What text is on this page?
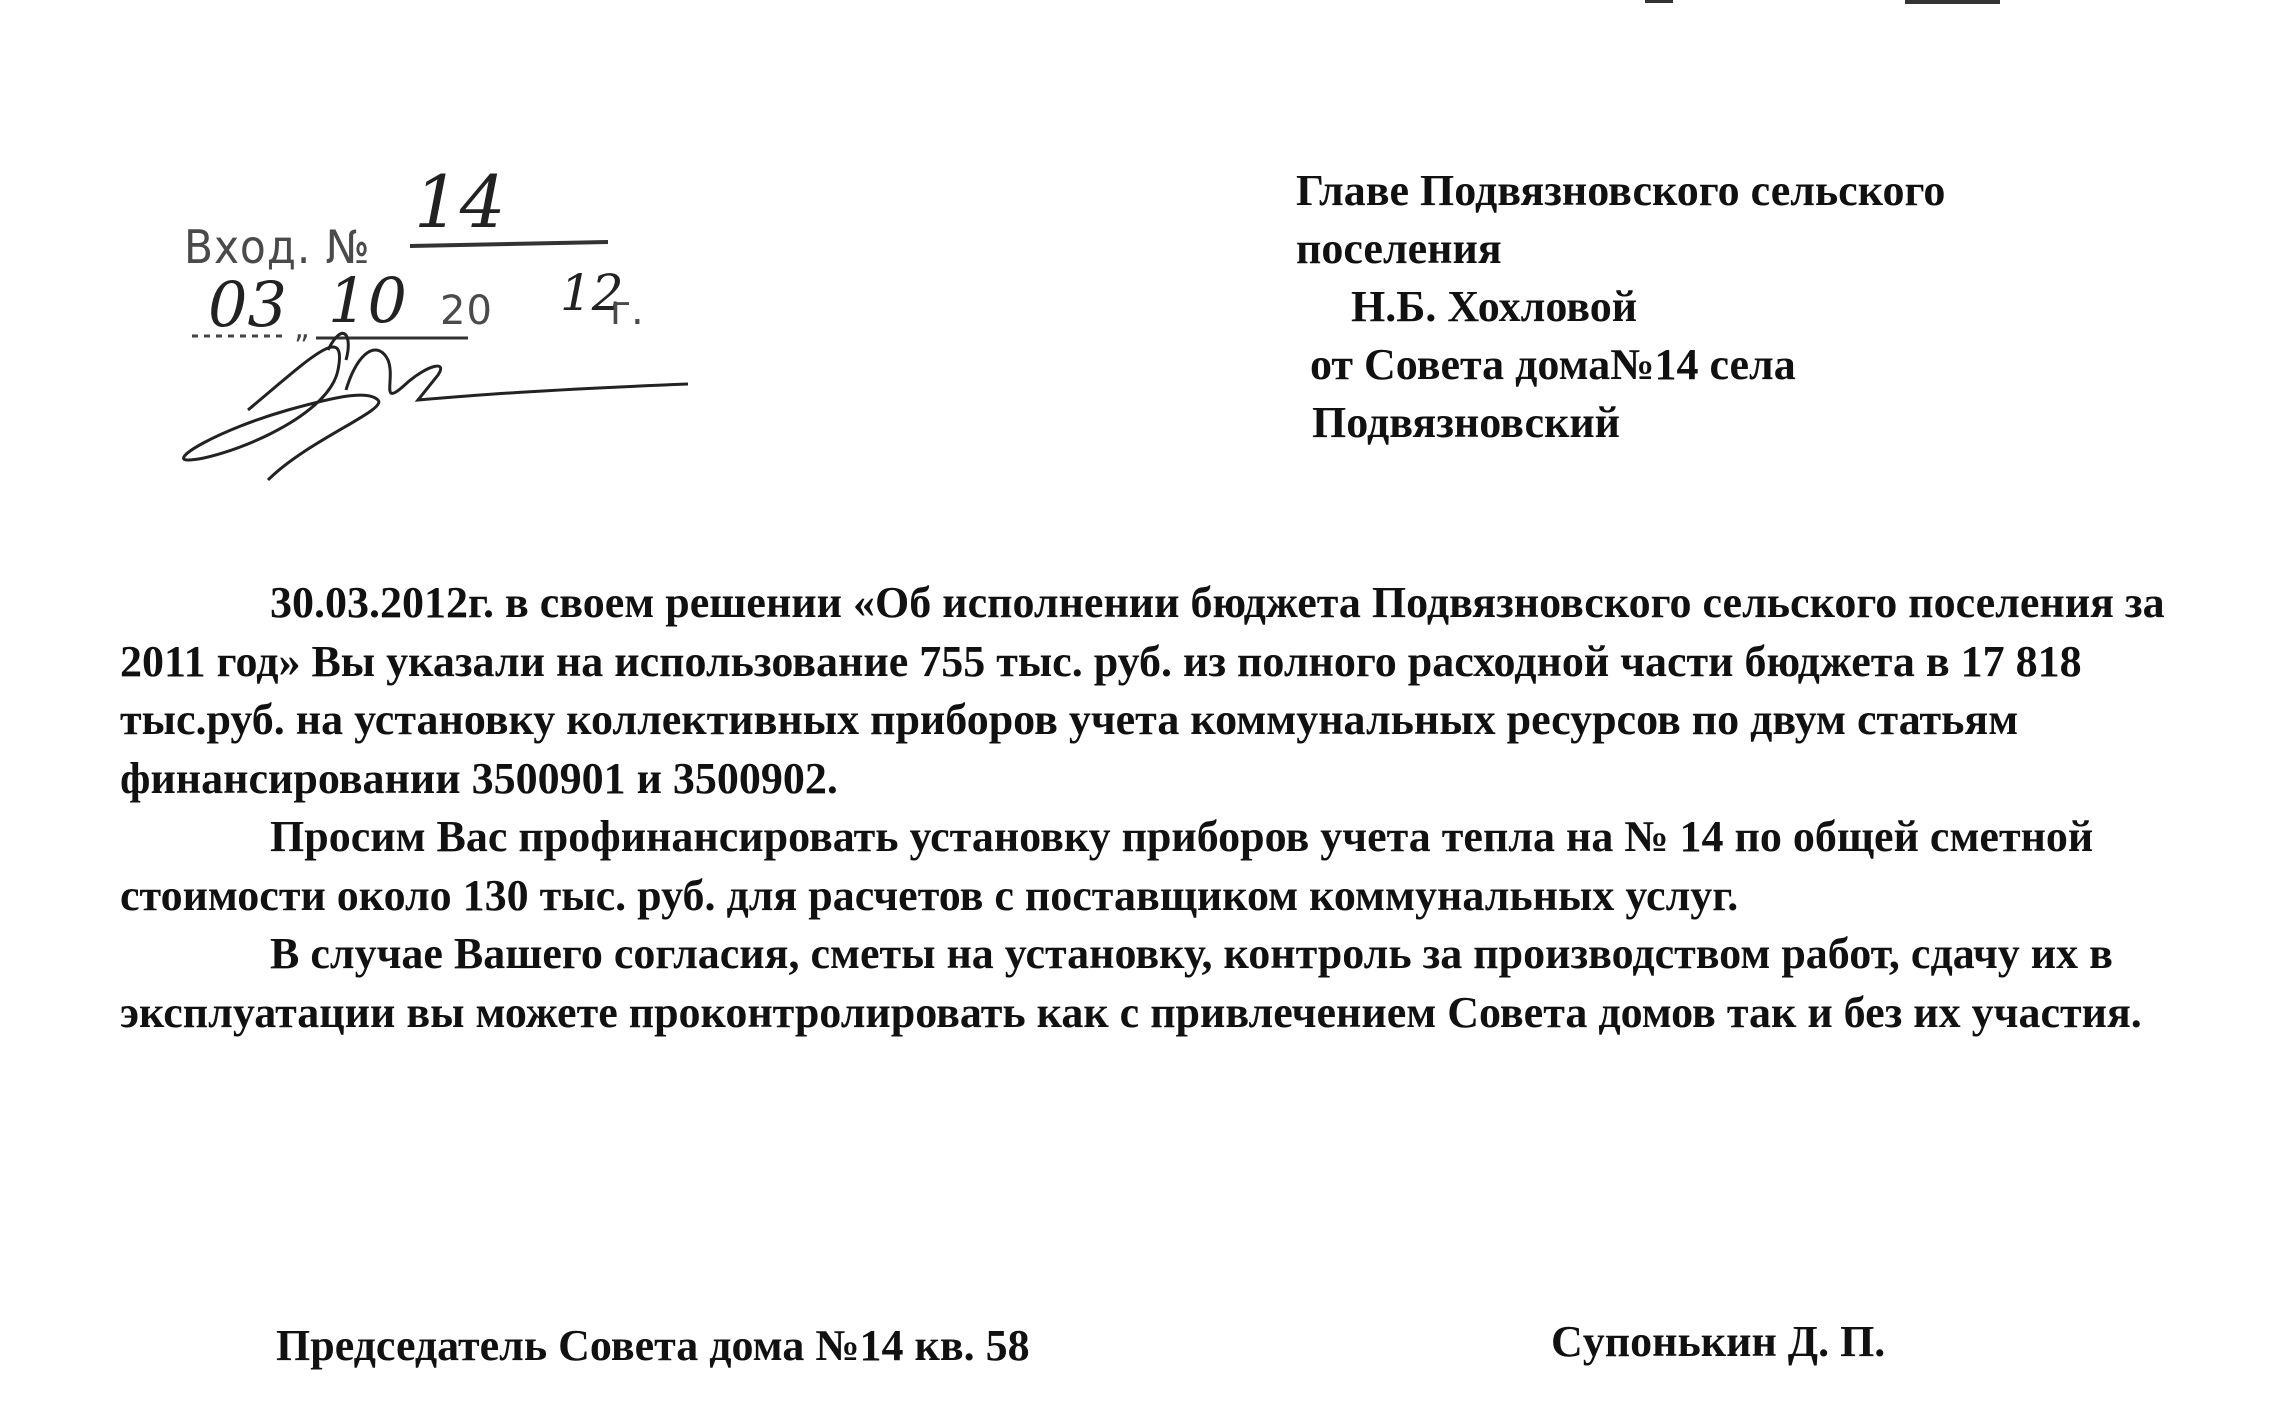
„
Вход. №
14
03 10 20 12
г.
Главе Подвязновского сельского
поселения
Н.Б. Хохловой
от Совета дома№14 села
Подвязновский

30.03.2012г. в своем решении «Об исполнении бюджета Подвязновского сельского поселения за 2011 год» Вы указали на использование 755 тыс. руб. из полного расходной части бюджета в 17 818 тыс.руб. на установку коллективных приборов учета коммунальных ресурсов по двум статьям финансировании 3500901 и 3500902.

Просим Вас профинансировать установку приборов учета тепла на № 14 по общей сметной стоимости около 130 тыс. руб. для расчетов с поставщиком коммунальных услуг.

В случае Вашего согласия, сметы на установку, контроль за производством работ, сдачу их в эксплуатации вы можете проконтролировать как с привлечением Совета домов так и без их участия.

Председатель Совета дома №14 кв. 58	Сyпонькин Д. П.
